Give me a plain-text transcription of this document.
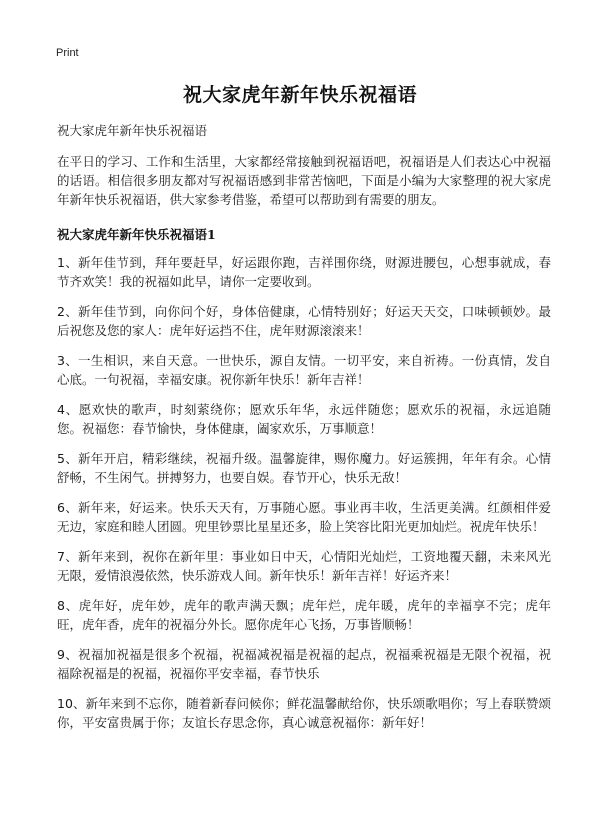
Print
祝大家虎年新年快乐祝福语

祝大家虎年新年快乐祝福语

在平日的学习、工作和生活里，大家都经常接触到祝福语吧，祝福语是人们表达心中祝福的话语。相信很多朋友都对写祝福语感到非常苦恼吧，下面是小编为大家整理的祝大家虎年新年快乐祝福语，供大家参考借鉴，希望可以帮助到有需要的朋友。

祝大家虎年新年快乐祝福语1

1、新年佳节到，拜年要赶早，好运跟你跑，吉祥围你绕，财源进腰包，心想事就成，春节齐欢笑！我的祝福如此早，请你一定要收到。

2、新年佳节到，向你问个好，身体倍健康，心情特别好；好运天天交，口味顿顿妙。最后祝您及您的家人：虎年好运挡不住，虎年财源滚滚来！

3、一生相识，来自天意。一世快乐，源自友情。一切平安，来自祈祷。一份真情，发自心底。一句祝福，幸福安康。祝你新年快乐！新年吉祥！

4、愿欢快的歌声，时刻萦绕你；愿欢乐年华，永远伴随您；愿欢乐的祝福，永远追随您。祝福您：春节愉快，身体健康，阖家欢乐，万事顺意！

5、新年开启，精彩继续，祝福升级。温馨旋律，赐你魔力。好运簇拥，年年有余。心情舒畅，不生闲气。拼搏努力，也要自娱。春节开心，快乐无敌！

6、新年来，好运来。快乐天天有，万事随心愿。事业再丰收，生活更美满。红颜相伴爱无边，家庭和睦人团圆。兜里钞票比星星还多，脸上笑容比阳光更加灿烂。祝虎年快乐！

7、新年来到，祝你在新年里：事业如日中天，心情阳光灿烂，工资地覆天翻，未来风光无限，爱情浪漫依然，快乐游戏人间。新年快乐！新年吉祥！好运齐来！

8、虎年好，虎年妙，虎年的歌声满天飘；虎年烂，虎年暖，虎年的幸福享不完；虎年旺，虎年香，虎年的祝福分外长。愿你虎年心飞扬，万事皆顺畅！

9、祝福加祝福是很多个祝福，祝福减祝福是祝福的起点，祝福乘祝福是无限个祝福，祝福除祝福是的祝福，祝福你平安幸福，春节快乐

10、新年来到不忘你，随着新春问候你；鲜花温馨献给你，快乐颂歌唱你；写上春联赞颂你，平安富贵属于你；友谊长存思念你，真心诚意祝福你：新年好！
